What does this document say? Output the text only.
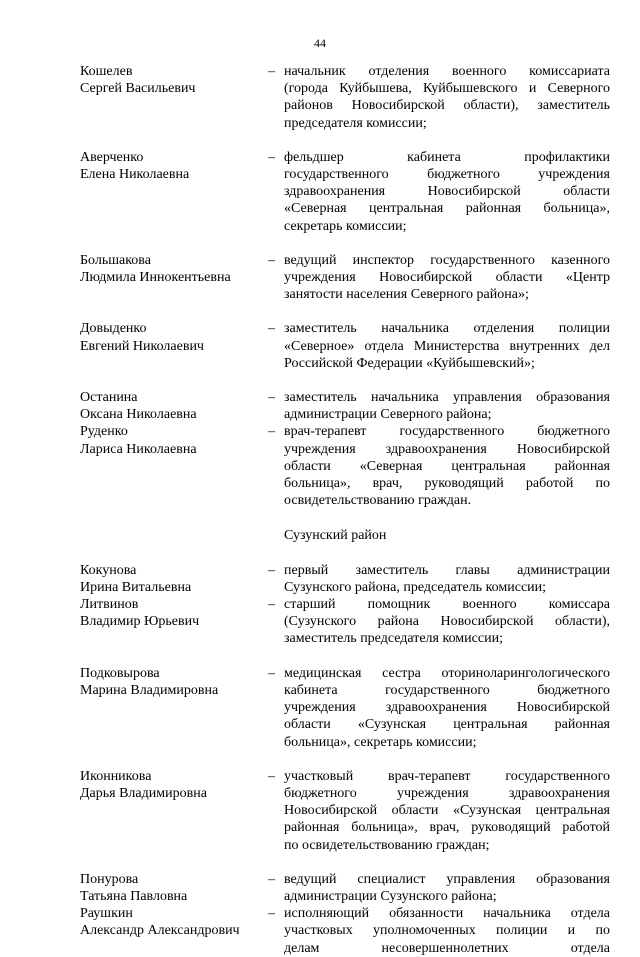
44
Кошелев
Сергей Васильевич
– начальник отделения военного комиссариата
(города Куйбышева, Куйбышевского и Северного
районов Новосибирской области), заместитель
председателя комиссии;
Аверченко
Елена Николаевна
– фельдшер кабинета профилактики
государственного бюджетного учреждения
здравоохранения Новосибирской области
«Северная центральная районная больница»,
секретарь комиссии;
Большакова
Людмила Иннокентьевна
– ведущий инспектор государственного казенного
учреждения Новосибирской области «Центр
занятости населения Северного района»;
Довыденко
Евгений Николаевич
– заместитель начальника отделения полиции
«Северное» отдела Министерства внутренних дел
Российской Федерации «Куйбышевский»;
Останина
Оксана Николаевна
– заместитель начальника управления образования
администрации Северного района;
Руденко
Лариса Николаевна
– врач-терапевт государственного бюджетного
учреждения здравоохранения Новосибирской
области «Северная центральная районная
больница», врач, руководящий работой по
освидетельствованию граждан.
Сузунский район
Кокунова
Ирина Витальевна
– первый заместитель главы администрации
Сузунского района, председатель комиссии;
Литвинов
Владимир Юрьевич
– старший помощник военного комиссара
(Сузунского района Новосибирской области),
заместитель председателя комиссии;
Подковырова
Марина Владимировна
– медицинская сестра оториноларингологического
кабинета государственного бюджетного
учреждения здравоохранения Новосибирской
области «Сузунская центральная районная
больница», секретарь комиссии;
Иконникова
Дарья Владимировна
– участковый врач-терапевт государственного
бюджетного учреждения здравоохранения
Новосибирской области «Сузунская центральная
районная больница», врач, руководящий работой
по освидетельствованию граждан;
Понурова
Татьяна Павловна
– ведущий специалист управления образования
администрации Сузунского района;
Раушкин
Александр Александрович
– исполняющий обязанности начальника отдела
участковых уполномоченных полиции и по
делам несовершеннолетних отдела
